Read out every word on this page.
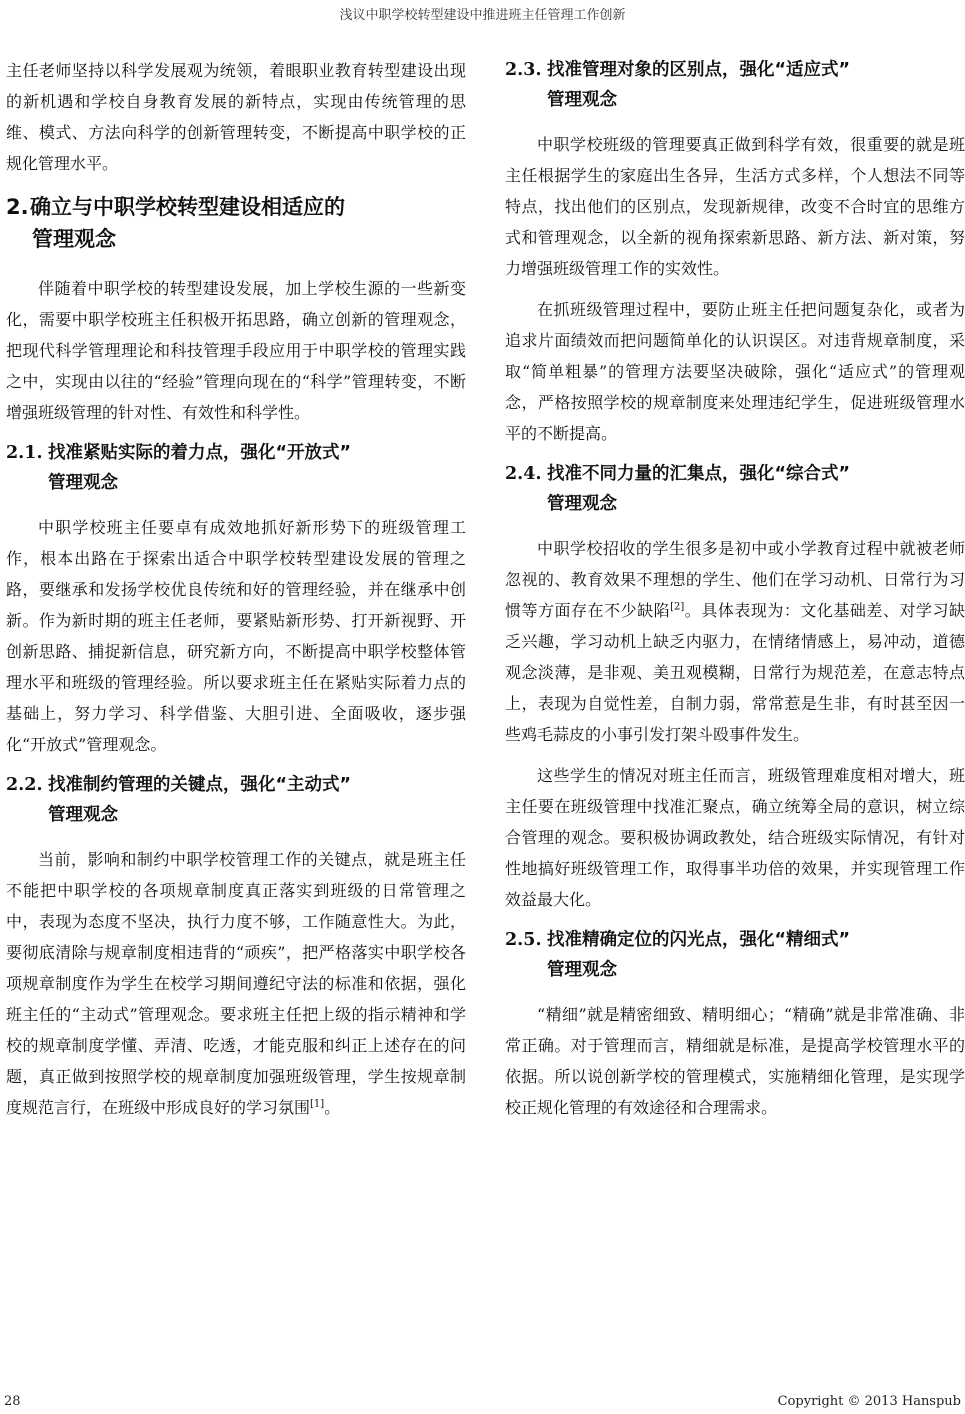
浅议中职学校转型建设中推进班主任管理工作创新

主任老师坚持以科学发展观为统领，着眼职业教育转型建设出现的新机遇和学校自身教育发展的新特点，实现由传统管理的思维、模式、方法向科学的创新管理转变，不断提高中职学校的正规化管理水平。

2.确立与中职学校转型建设相适应的
管理观念

伴随着中职学校的转型建设发展，加上学校生源的一些新变化，需要中职学校班主任积极开拓思路，确立创新的管理观念，把现代科学管理理论和科技管理手段应用于中职学校的管理实践之中，实现由以往的“经验”管理向现在的“科学”管理转变，不断增强班级管理的针对性、有效性和科学性。

2.1. 找准紧贴实际的着力点，强化“开放式”
管理观念

中职学校班主任要卓有成效地抓好新形势下的班级管理工作，根本出路在于探索出适合中职学校转型建设发展的管理之路，要继承和发扬学校优良传统和好的管理经验，并在继承中创新。作为新时期的班主任老师，要紧贴新形势、打开新视野、开创新思路、捕捉新信息，研究新方向，不断提高中职学校整体管理水平和班级的管理经验。所以要求班主任在紧贴实际着力点的基础上，努力学习、科学借鉴、大胆引进、全面吸收，逐步强化“开放式”管理观念。

2.2. 找准制约管理的关键点，强化“主动式”
管理观念

当前，影响和制约中职学校管理工作的关键点，就是班主任不能把中职学校的各项规章制度真正落实到班级的日常管理之中，表现为态度不坚决，执行力度不够，工作随意性大。为此，要彻底清除与规章制度相违背的“顽疾”，把严格落实中职学校各项规章制度作为学生在校学习期间遵纪守法的标准和依据，强化班主任的“主动式”管理观念。要求班主任把上级的指示精神和学校的规章制度学懂、弄清、吃透，才能克服和纠正上述存在的问题，真正做到按照学校的规章制度加强班级管理，学生按规章制度规范言行，在班级中形成良好的学习氛围[1]。

2.3. 找准管理对象的区别点，强化“适应式”
管理观念

中职学校班级的管理要真正做到科学有效，很重要的就是班主任根据学生的家庭出生各异，生活方式多样，个人想法不同等特点，找出他们的区别点，发现新规律，改变不合时宜的思维方式和管理观念，以全新的视角探索新思路、新方法、新对策，努力增强班级管理工作的实效性。

在抓班级管理过程中，要防止班主任把问题复杂化，或者为追求片面绩效而把问题简单化的认识误区。对违背规章制度，采取“简单粗暴”的管理方法要坚决破除，强化“适应式”的管理观念，严格按照学校的规章制度来处理违纪学生，促进班级管理水平的不断提高。

2.4. 找准不同力量的汇集点，强化“综合式”
管理观念

中职学校招收的学生很多是初中或小学教育过程中就被老师忽视的、教育效果不理想的学生、他们在学习动机、日常行为习惯等方面存在不少缺陷[2]。具体表现为：文化基础差、对学习缺乏兴趣，学习动机上缺乏内驱力，在情绪情感上，易冲动，道德观念淡薄，是非观、美丑观模糊，日常行为规范差，在意志特点上，表现为自觉性差，自制力弱，常常惹是生非，有时甚至因一些鸡毛蒜皮的小事引发打架斗殴事件发生。

这些学生的情况对班主任而言，班级管理难度相对增大，班主任要在班级管理中找准汇聚点，确立统筹全局的意识，树立综合管理的观念。要积极协调政教处，结合班级实际情况，有针对性地搞好班级管理工作，取得事半功倍的效果，并实现管理工作效益最大化。

2.5. 找准精确定位的闪光点，强化“精细式”
管理观念

“精细”就是精密细致、精明细心；“精确”就是非常准确、非常正确。对于管理而言，精细就是标准，是提高学校管理水平的依据。所以说创新学校的管理模式，实施精细化管理，是实现学校正规化管理的有效途径和合理需求。

28	Copyright © 2013 Hanspub
